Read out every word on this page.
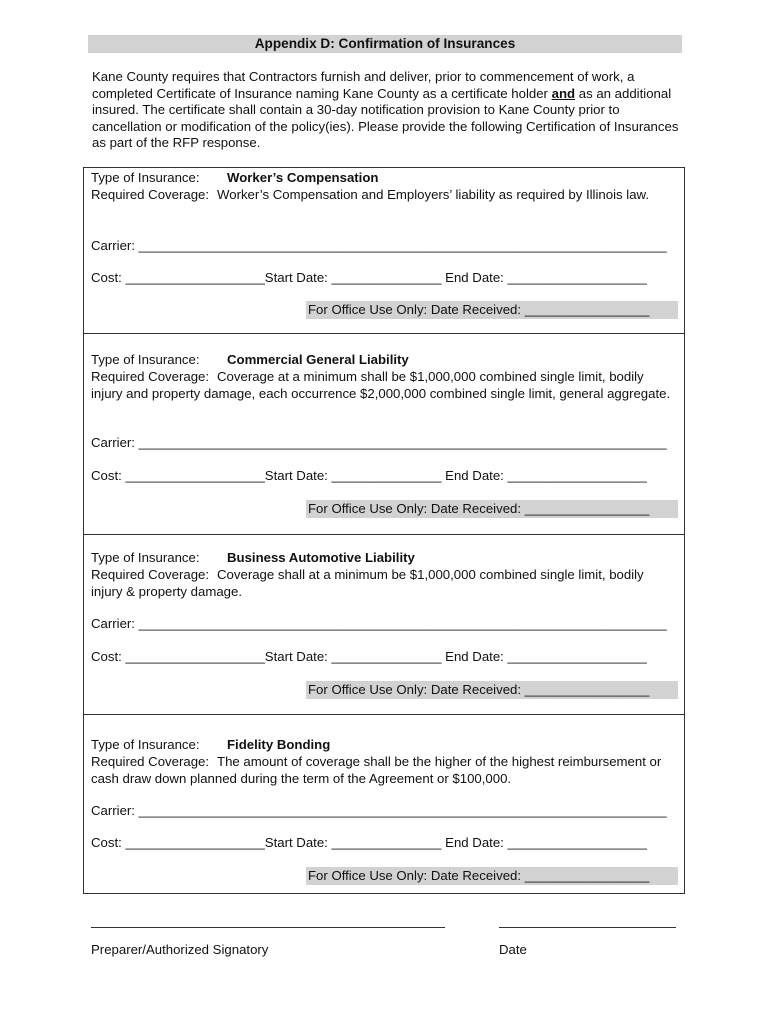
Appendix D: Confirmation of Insurances
Kane County requires that Contractors furnish and deliver, prior to commencement of work, a completed Certificate of Insurance naming Kane County as a certificate holder and as an additional insured. The certificate shall contain a 30-day notification provision to Kane County prior to cancellation or modification of the policy(ies). Please provide the following Certification of Insurances as part of the RFP response.
Type of Insurance: Worker’s Compensation
Required Coverage: Worker’s Compensation and Employers’ liability as required by Illinois law.
Carrier: ________________________________________________________________________
Cost: ___________________Start Date: _______________ End Date: ___________________
For Office Use Only: Date Received: _________________
Type of Insurance: Commercial General Liability
Required Coverage: Coverage at a minimum shall be $1,000,000 combined single limit, bodily injury and property damage, each occurrence $2,000,000 combined single limit, general aggregate.
Carrier: ________________________________________________________________________
Cost: ___________________Start Date: _______________ End Date: ___________________
For Office Use Only: Date Received: _________________
Type of Insurance: Business Automotive Liability
Required Coverage: Coverage shall at a minimum be $1,000,000 combined single limit, bodily injury & property damage.
Carrier: ________________________________________________________________________
Cost: ___________________Start Date: _______________ End Date: ___________________
For Office Use Only: Date Received: _________________
Type of Insurance: Fidelity Bonding
Required Coverage: The amount of coverage shall be the higher of the highest reimbursement or cash draw down planned during the term of the Agreement or $100,000.
Carrier: ________________________________________________________________________
Cost: ___________________Start Date: _______________ End Date: ___________________
For Office Use Only: Date Received: _________________
Preparer/Authorized Signatory	Date
